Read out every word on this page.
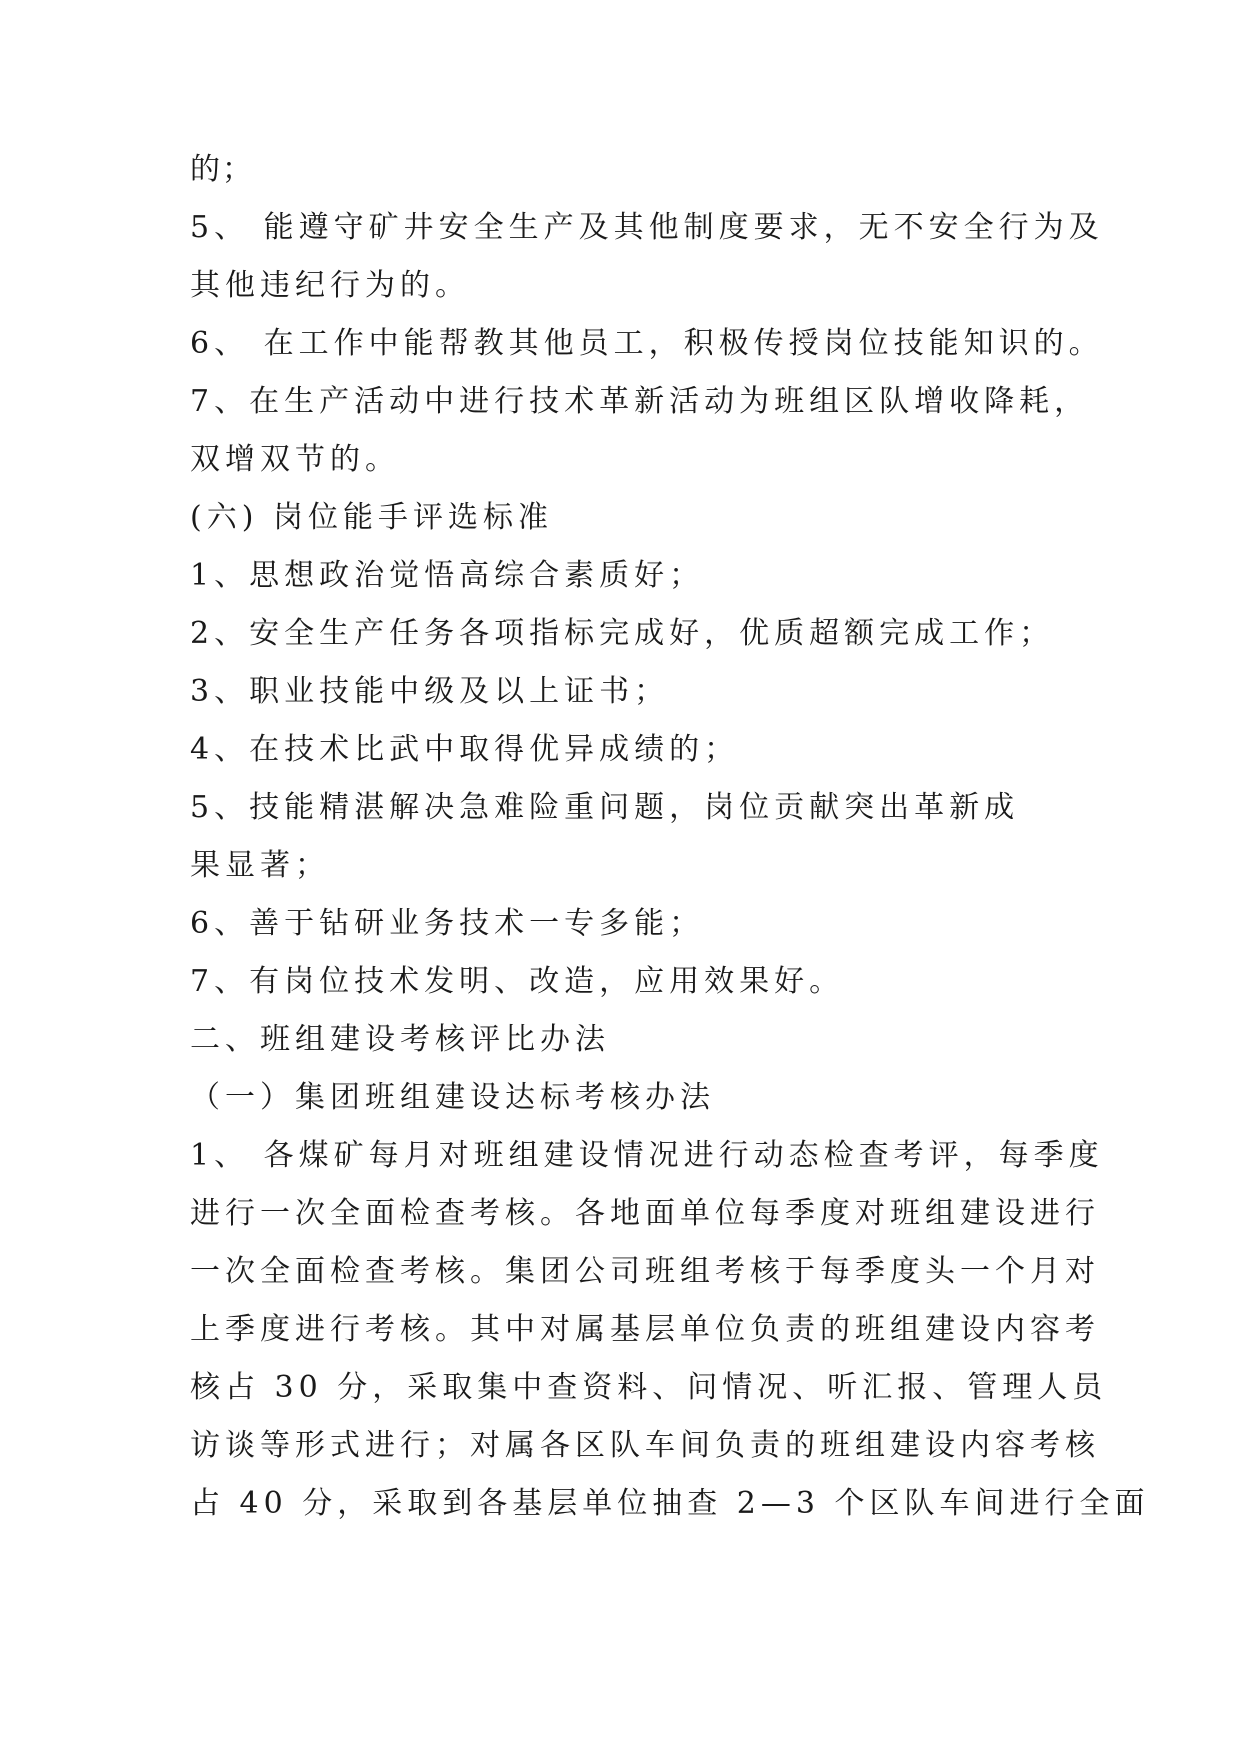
的；
5、 能遵守矿井安全生产及其他制度要求，无不安全行为及
其他违纪行为的。
6、 在工作中能帮教其他员工，积极传授岗位技能知识的。
7、在生产活动中进行技术革新活动为班组区队增收降耗，
双增双节的。
(六) 岗位能手评选标准
1、思想政治觉悟高综合素质好；
2、安全生产任务各项指标完成好，优质超额完成工作；
3、职业技能中级及以上证书；
4、在技术比武中取得优异成绩的；
5、技能精湛解决急难险重问题，岗位贡献突出革新成
果显著；
6、善于钻研业务技术一专多能；
7、有岗位技术发明、改造，应用效果好。
二、班组建设考核评比办法
（一）集团班组建设达标考核办法
1、 各煤矿每月对班组建设情况进行动态检查考评，每季度
进行一次全面检查考核。各地面单位每季度对班组建设进行
一次全面检查考核。集团公司班组考核于每季度头一个月对
上季度进行考核。其中对属基层单位负责的班组建设内容考
核占 30 分，采取集中查资料、问情况、听汇报、管理人员
访谈等形式进行；对属各区队车间负责的班组建设内容考核
占 40 分，采取到各基层单位抽查 2—3 个区队车间进行全面
